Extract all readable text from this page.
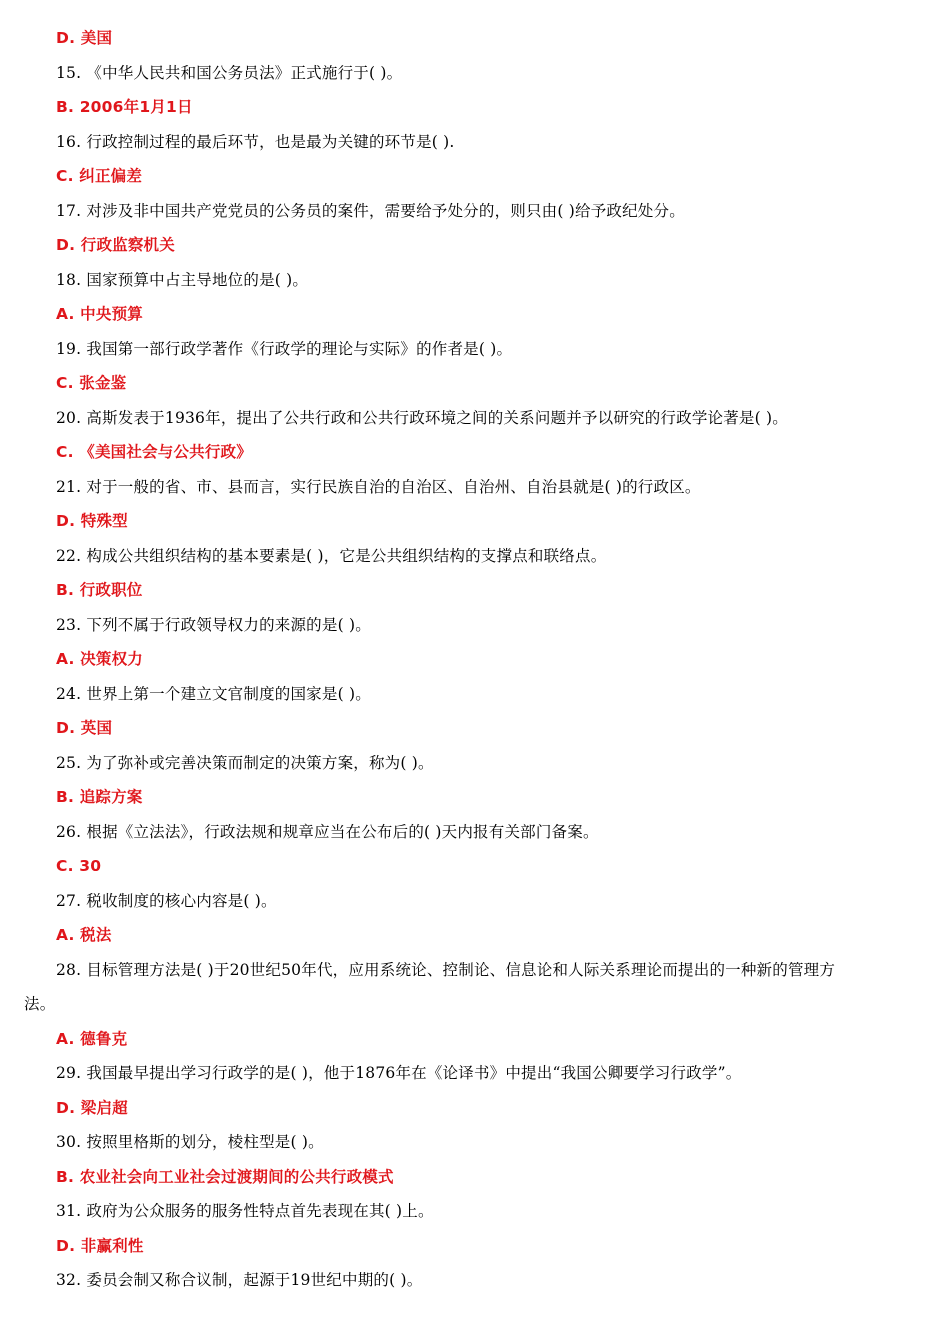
D. 美国
15. 《中华人民共和国公务员法》正式施行于( )。
B. 2006年1月1日
16. 行政控制过程的最后环节，也是最为关键的环节是( ).
C. 纠正偏差
17. 对涉及非中国共产党党员的公务员的案件，需要给予处分的，则只由( )给予政纪处分。
D. 行政监察机关
18. 国家预算中占主导地位的是( )。
A. 中央预算
19. 我国第一部行政学著作《行政学的理论与实际》的作者是( )。
C. 张金鉴
20. 高斯发表于1936年，提出了公共行政和公共行政环境之间的关系问题并予以研究的行政学论著是( )。
C. 《美国社会与公共行政》
21. 对于一般的省、市、县而言，实行民族自治的自治区、自治州、自治县就是( )的行政区。
D. 特殊型
22. 构成公共组织结构的基本要素是( )，它是公共组织结构的支撑点和联络点。
B. 行政职位
23. 下列不属于行政领导权力的来源的是( )。
A. 决策权力
24. 世界上第一个建立文官制度的国家是( )。
D. 英国
25. 为了弥补或完善决策而制定的决策方案，称为( )。
B. 追踪方案
26. 根据《立法法》，行政法规和规章应当在公布后的( )天内报有关部门备案。
C. 30
27. 税收制度的核心内容是( )。
A. 税法
28. 目标管理方法是( )于20世纪50年代，应用系统论、控制论、信息论和人际关系理论而提出的一种新的管理方
法。
A. 德鲁克
29. 我国最早提出学习行政学的是( )，他于1876年在《论译书》中提出“我国公卿要学习行政学”。
D. 梁启超
30. 按照里格斯的划分，棱柱型是( )。
B. 农业社会向工业社会过渡期间的公共行政模式
31. 政府为公众服务的服务性特点首先表现在其( )上。
D. 非赢利性
32. 委员会制又称合议制，起源于19世纪中期的( )。
